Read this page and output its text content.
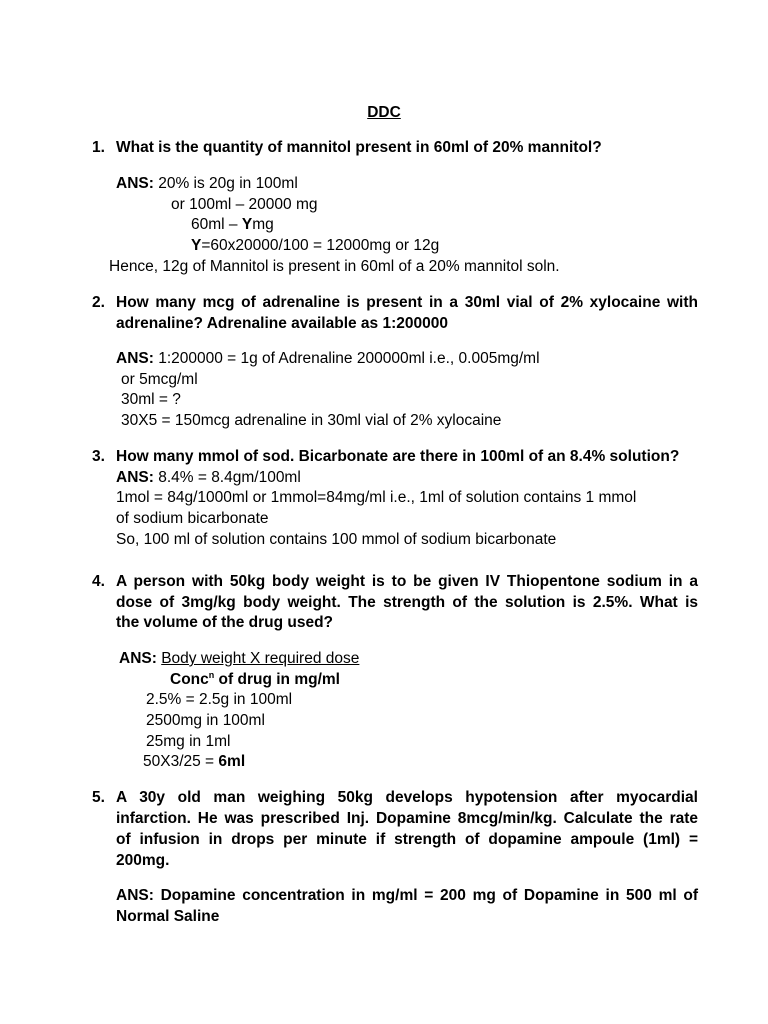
DDC
1. What is the quantity of mannitol present in 60ml of 20% mannitol?
ANS: 20% is 20g in 100ml
or 100ml – 20000 mg
60ml – Ymg
Y=60x20000/100 = 12000mg or 12g
Hence, 12g of Mannitol is present in 60ml of a 20% mannitol soln.
2. How many mcg of adrenaline is present in a 30ml vial of 2% xylocaine with
adrenaline? Adrenaline available as 1:200000
ANS: 1:200000 = 1g of Adrenaline 200000ml i.e., 0.005mg/ml
or 5mcg/ml
30ml = ?
30X5 = 150mcg adrenaline in 30ml vial of 2% xylocaine
3. How many mmol of sod. Bicarbonate are there in 100ml of an 8.4% solution?
ANS: 8.4% = 8.4gm/100ml
1mol = 84g/1000ml or 1mmol=84mg/ml i.e., 1ml of solution contains 1 mmol
of sodium bicarbonate
So, 100 ml of solution contains 100 mmol of sodium bicarbonate
4. A person with 50kg body weight is to be given IV Thiopentone sodium in a
dose of 3mg/kg body weight. The strength of the solution is 2.5%. What is
the volume of the drug used?
ANS: Body weight X required dose
Conc$^n$ of drug in mg/ml
2.5% = 2.5g in 100ml
2500mg in 100ml
25mg in 1ml
50X3/25 = 6ml
5. A 30y old man weighing 50kg develops hypotension after myocardial
infarction. He was prescribed Inj. Dopamine 8mcg/min/kg. Calculate the rate
of infusion in drops per minute if strength of dopamine ampoule (1ml) =
200mg.
ANS: Dopamine concentration in mg/ml = 200 mg of Dopamine in 500 ml of
Normal Saline
